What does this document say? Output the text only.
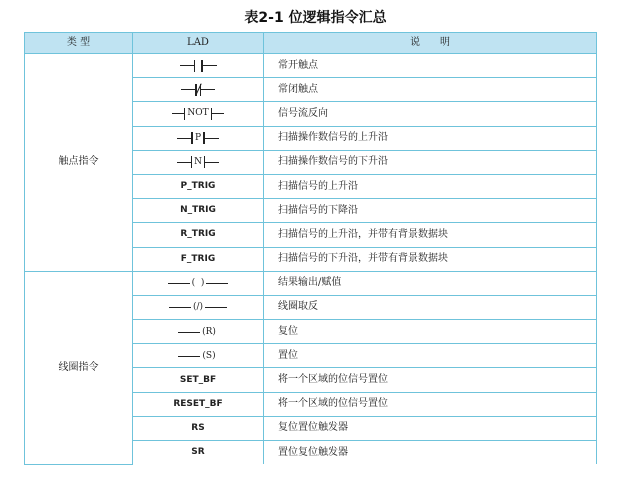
表2-1 位逻辑指令汇总
类 型	LAD	说　　明
触点指令		常开触点

		常闭触点

	NOT	信号流反向

	P	扫描操作数信号的上升沿

	N	扫描操作数信号的下升沿
	P_TRIG	扫描信号的上升沿
	N_TRIG	扫描信号的下降沿
	R_TRIG	扫描信号的上升沿，并带有背景数据块
	F_TRIG	扫描信号的下升沿，并带有背景数据块
线圈指令	(  )	结果输出/赋值

	(/)	线圈取反

	(R)	复位

	(S)	置位
	SET_BF	将一个区域的位信号置位
	RESET_BF	将一个区域的位信号置位
	RS	复位置位触发器
	SR	置位复位触发器
